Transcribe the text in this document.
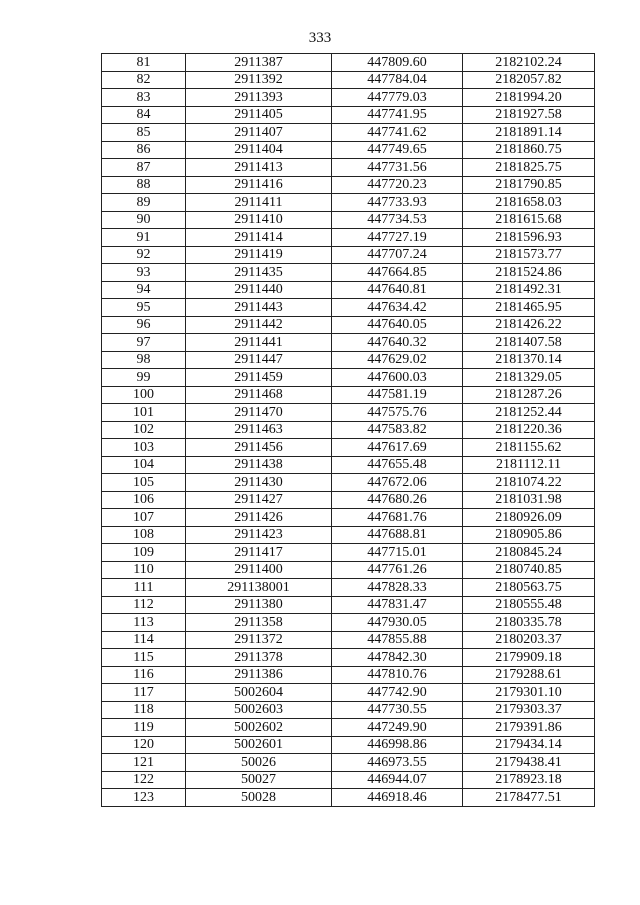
333
81	2911387	447809.60	2182102.24
82	2911392	447784.04	2182057.82
83	2911393	447779.03	2181994.20
84	2911405	447741.95	2181927.58
85	2911407	447741.62	2181891.14
86	2911404	447749.65	2181860.75
87	2911413	447731.56	2181825.75
88	2911416	447720.23	2181790.85
89	2911411	447733.93	2181658.03
90	2911410	447734.53	2181615.68
91	2911414	447727.19	2181596.93
92	2911419	447707.24	2181573.77
93	2911435	447664.85	2181524.86
94	2911440	447640.81	2181492.31
95	2911443	447634.42	2181465.95
96	2911442	447640.05	2181426.22
97	2911441	447640.32	2181407.58
98	2911447	447629.02	2181370.14
99	2911459	447600.03	2181329.05
100	2911468	447581.19	2181287.26
101	2911470	447575.76	2181252.44
102	2911463	447583.82	2181220.36
103	2911456	447617.69	2181155.62
104	2911438	447655.48	2181112.11
105	2911430	447672.06	2181074.22
106	2911427	447680.26	2181031.98
107	2911426	447681.76	2180926.09
108	2911423	447688.81	2180905.86
109	2911417	447715.01	2180845.24
110	2911400	447761.26	2180740.85
111	291138001	447828.33	2180563.75
112	2911380	447831.47	2180555.48
113	2911358	447930.05	2180335.78
114	2911372	447855.88	2180203.37
115	2911378	447842.30	2179909.18
116	2911386	447810.76	2179288.61
117	5002604	447742.90	2179301.10
118	5002603	447730.55	2179303.37
119	5002602	447249.90	2179391.86
120	5002601	446998.86	2179434.14
121	50026	446973.55	2179438.41
122	50027	446944.07	2178923.18
123	50028	446918.46	2178477.51
